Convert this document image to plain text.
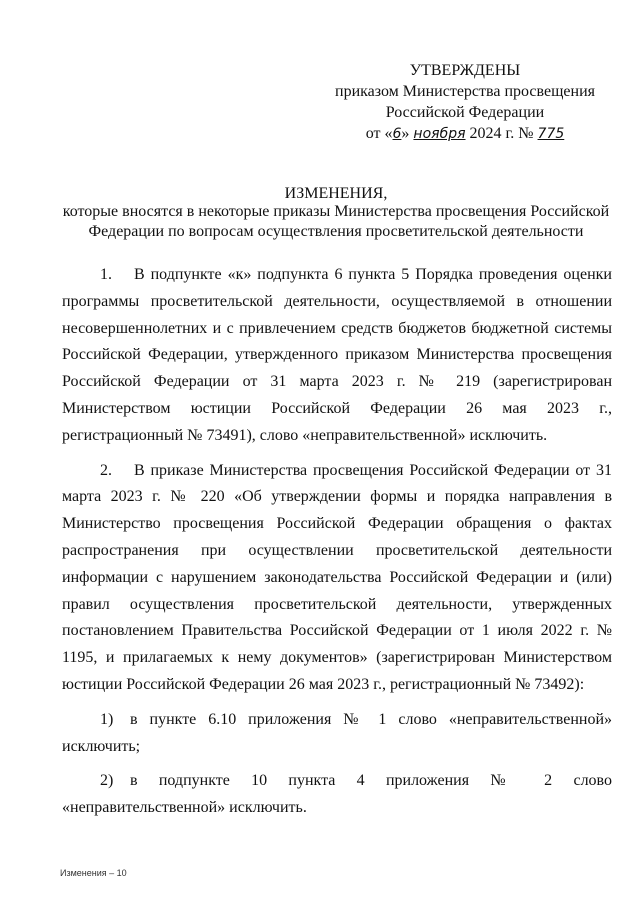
УТВЕРЖДЕНЫ
приказом Министерства просвещения
Российской Федерации
от «6» ноября 2024 г. № 775
ИЗМЕНЕНИЯ,
которые вносятся в некоторые приказы Министерства просвещения Российской
Федерации по вопросам осуществления просветительской деятельности

1. В подпункте «к» подпункта 6 пункта 5 Порядка проведения оценки программы просветительской деятельности, осуществляемой в отношении несовершеннолетних и с привлечением средств бюджетов бюджетной системы Российской Федерации, утвержденного приказом Министерства просвещения Российской Федерации от 31 марта 2023 г. № 219 (зарегистрирован Министерством юстиции Российской Федерации 26 мая 2023 г., регистрационный № 73491), слово «неправительственной» исключить.

2. В приказе Министерства просвещения Российской Федерации от 31 марта 2023 г. № 220 «Об утверждении формы и порядка направления в Министерство просвещения Российской Федерации обращения о фактах распространения при осуществлении просветительской деятельности информации с нарушением законодательства Российской Федерации и (или) правил осуществления просветительской деятельности, утвержденных постановлением Правительства Российской Федерации от 1 июля 2022 г. № 1195, и прилагаемых к нему документов» (зарегистрирован Министерством юстиции Российской Федерации 26 мая 2023 г., регистрационный № 73492):

1) в пункте 6.10 приложения № 1 слово «неправительственной» исключить;

2) в подпункте 10 пункта 4 приложения № 2 слово «неправительственной» исключить.

Изменения – 10
